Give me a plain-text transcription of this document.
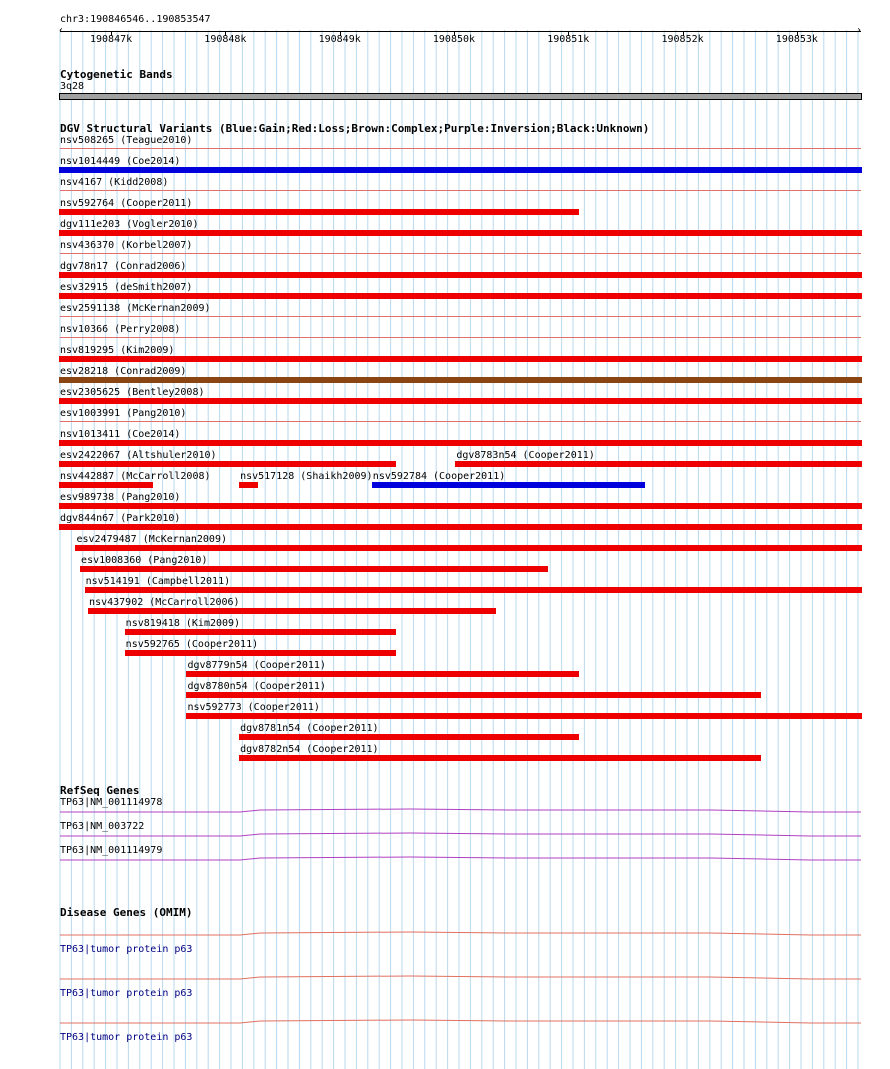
chr3:190846546..190853547
‹	›
190847k	190848k	190849k	190850k	190851k	190852k	190853k
Cytogenetic Bands
3q28
DGV Structural Variants (Blue:Gain;Red:Loss;Brown:Complex;Purple:Inversion;Black:Unknown)
nsv508265 (Teague2010)
nsv1014449 (Coe2014)
nsv4167 (Kidd2008)
nsv592764 (Cooper2011)
dgv111e203 (Vogler2010)
nsv436370 (Korbel2007)
dgv78n17 (Conrad2006)
esv32915 (deSmith2007)
esv2591138 (McKernan2009)
nsv10366 (Perry2008)
nsv819295 (Kim2009)
esv28218 (Conrad2009)
esv2305625 (Bentley2008)
esv1003991 (Pang2010)
nsv1013411 (Coe2014)
esv2422067 (Altshuler2010)	dgv8783n54 (Cooper2011)
nsv442887 (McCarroll2008)	nsv517128 (Shaikh2009) nsv592784 (Cooper2011)
esv989738 (Pang2010)
dgv844n67 (Park2010)
esv2479487 (McKernan2009)
esv1008360 (Pang2010)
nsv514191 (Campbell2011)
nsv437902 (McCarroll2006)
nsv819418 (Kim2009)
nsv592765 (Cooper2011)
dgv8779n54 (Cooper2011)
dgv8780n54 (Cooper2011)
nsv592773 (Cooper2011)
dgv8781n54 (Cooper2011)
dgv8782n54 (Cooper2011)
RefSeq Genes
TP63|NM_001114978
TP63|NM_003722
TP63|NM_001114979
Disease Genes (OMIM)
TP63|tumor protein p63
TP63|tumor protein p63
TP63|tumor protein p63
